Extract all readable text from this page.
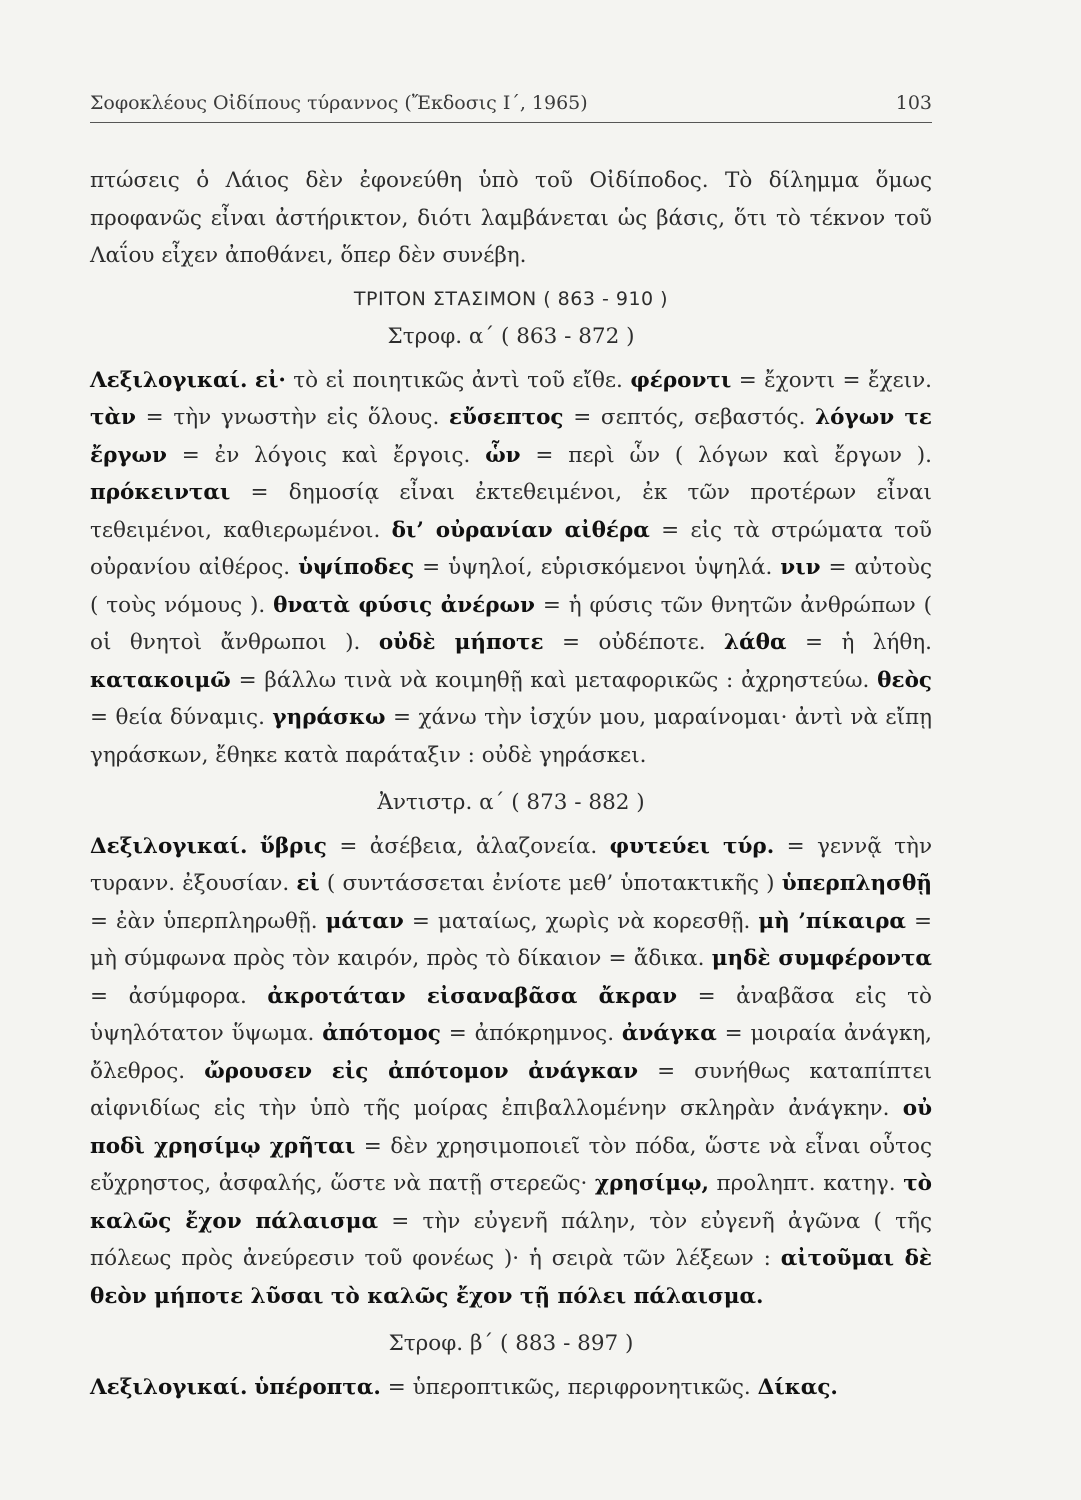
Σοφοκλέους Οἰδίπους τύραννος (Ἔκδοσις Ι΄, 1965)	103

πτώσεις ὁ Λάιος δὲν ἐφονεύθη ὑπὸ τοῦ Οἰδίποδος. Τὸ δίλημμα ὅμως προφανῶς εἶναι ἀστήρικτον, διότι λαμβάνεται ὡς βάσις, ὅτι τὸ τέκνον τοῦ Λαΐου εἶχεν ἀποθάνει, ὅπερ δὲν συνέβη.

ΤΡΙΤΟΝ ΣΤΑΣΙΜΟΝ ( 863 - 910 )

Στροφ. α΄ ( 863 - 872 )

Λεξιλογικαί. εἰ· τὸ εἰ ποιητικῶς ἀντὶ τοῦ εἴθε. φέροντι = ἔχοντι = ἔχειν. τὰν = τὴν γνωστὴν εἰς ὅλους. εὔσεπτος = σεπτός, σεβαστός. λόγων τε ἔργων = ἐν λόγοις καὶ ἔργοις. ὧν = περὶ ὧν ( λόγων καὶ ἔργων ). πρόκεινται = δημοσίᾳ εἶναι ἐκτεθειμένοι, ἐκ τῶν προτέρων εἶναι τεθειμένοι, καθιερωμένοι. δι’ οὐρανίαν αἰθέρα = εἰς τὰ στρώματα τοῦ οὐρανίου αἰθέρος. ὑψίποδες = ὑψηλοί, εὑρισκόμενοι ὑψηλά. νιν = αὐτοὺς ( τοὺς νόμους ). θνατὰ φύσις ἀνέρων = ἡ φύσις τῶν θνητῶν ἀνθρώπων ( οἱ θνητοὶ ἄνθρωποι ). οὐδὲ μήποτε = οὐδέποτε. λάθα = ἡ λήθη. κατακοιμῶ = βάλλω τινὰ νὰ κοιμηθῇ καὶ μεταφορικῶς : ἀχρηστεύω. θεὸς = θεία δύναμις. γηράσκω = χάνω τὴν ἰσχύν μου, μαραίνομαι· ἀντὶ νὰ εἴπῃ γηράσκων, ἔθηκε κατὰ παράταξιν : οὐδὲ γηράσκει.

Ἀντιστρ. α΄ ( 873 - 882 )

Δεξιλογικαί. ὕβρις = ἀσέβεια, ἀλαζονεία. φυτεύει τύρ. = γεννᾷ τὴν τυρανν. ἐξουσίαν. εἰ ( συντάσσεται ἐνίοτε μεθ’ ὑποτακτικῆς ) ὑπερπλησθῇ = ἐὰν ὑπερπληρωθῇ. μάταν = ματαίως, χωρὶς νὰ κορεσθῇ. μὴ ’πίκαιρα = μὴ σύμφωνα πρὸς τὸν καιρόν, πρὸς τὸ δίκαιον = ἄδικα. μηδὲ συμφέροντα = ἀσύμφορα. ἀκροτάταν εἰσαναβᾶσα ἄκραν = ἀναβᾶσα εἰς τὸ ὑψηλότατον ὕψωμα. ἀπότομος = ἀπόκρημνος. ἀνάγκα = μοιραία ἀνάγκη, ὄλεθρος. ὤρουσεν εἰς ἀπότομον ἀνάγκαν = συνήθως καταπίπτει αἰφνιδίως εἰς τὴν ὑπὸ τῆς μοίρας ἐπιβαλλομένην σκληρὰν ἀνάγκην. οὐ ποδὶ χρησίμῳ χρῆται = δὲν χρησιμοποιεῖ τὸν πόδα, ὥστε νὰ εἶναι οὗτος εὔχρηστος, ἀσφαλής, ὥστε νὰ πατῇ στερεῶς· χρησίμῳ, προληπτ. κατηγ. τὸ καλῶς ἔχον πάλαισμα = τὴν εὐγενῆ πάλην, τὸν εὐγενῆ ἀγῶνα ( τῆς πόλεως πρὸς ἀνεύρεσιν τοῦ φονέως )· ἡ σειρὰ τῶν λέξεων : αἰτοῦμαι δὲ θεὸν μήποτε λῦσαι τὸ καλῶς ἔχον τῇ πόλει πάλαισμα.

Στροφ. β΄ ( 883 - 897 )

Λεξιλογικαί. ὑπέροπτα. = ὑπεροπτικῶς, περιφρονητικῶς. Δίκας.
